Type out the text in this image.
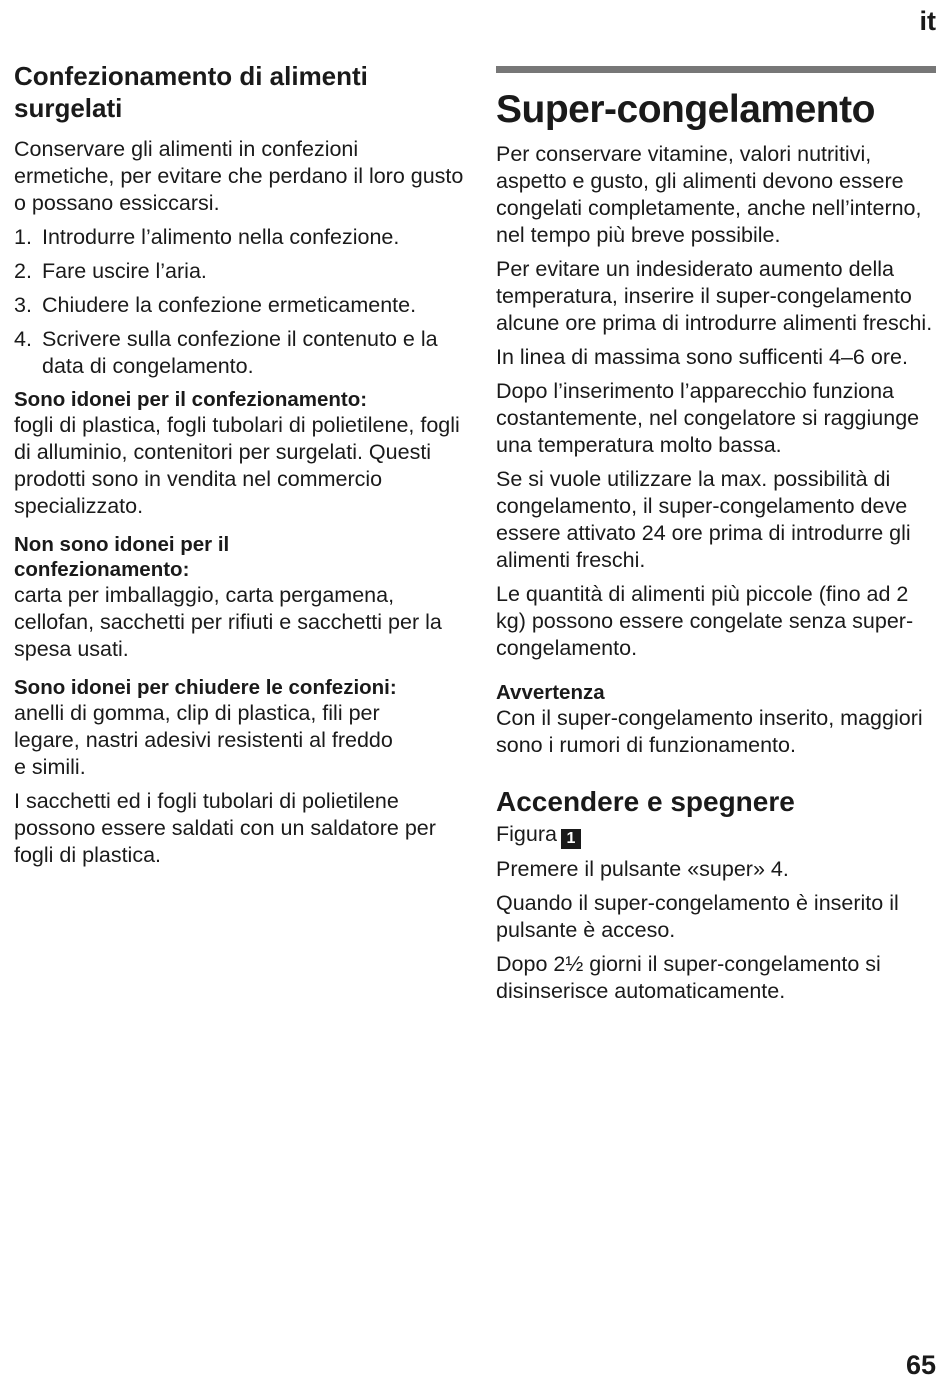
it
Confezionamento di alimenti surgelati

Conservare gli alimenti in confezioni ermetiche, per evitare che perdano il loro gusto o possano essiccarsi.

1. Introdurre l’alimento nella confezione.
2. Fare uscire l’aria.
3. Chiudere la confezione ermeticamente.
4. Scrivere sulla confezione il contenuto e la data di congelamento.

Sono idonei per il confezionamento:

fogli di plastica, fogli tubolari di polietilene, fogli di alluminio, contenitori per surgelati. Questi prodotti sono in vendita nel commercio specializzato.

Non sono idonei per il confezionamento:

carta per imballaggio, carta pergamena, cellofan, sacchetti per rifiuti e sacchetti per la spesa usati.

Sono idonei per chiudere le confezioni:

anelli di gomma, clip di plastica, fili per legare, nastri adesivi resistenti al freddo e simili.

I sacchetti ed i fogli tubolari di polietilene possono essere saldati con un saldatore per fogli di plastica.

Super-congelamento

Per conservare vitamine, valori nutritivi, aspetto e gusto, gli alimenti devono essere congelati completamente, anche nell’interno, nel tempo più breve possibile.

Per evitare un indesiderato aumento della temperatura, inserire il super-congelamento alcune ore prima di introdurre alimenti freschi.

In linea di massima sono sufficenti 4–6 ore.

Dopo l’inserimento l’apparecchio funziona costantemente, nel congelatore si raggiunge una temperatura molto bassa.

Se si vuole utilizzare la max. possibilità di congelamento, il super-congelamento deve essere attivato 24 ore prima di introdurre gli alimenti freschi.

Le quantità di alimenti più piccole (fino ad 2 kg) possono essere congelate senza super-congelamento.

Avvertenza

Con il super-congelamento inserito, maggiori sono i rumori di funzionamento.

Accendere e spegnere

Figura 1

Premere il pulsante «super» 4.

Quando il super-congelamento è inserito il pulsante è acceso.

Dopo 2½ giorni il super-congelamento si disinserisce automaticamente.

65
